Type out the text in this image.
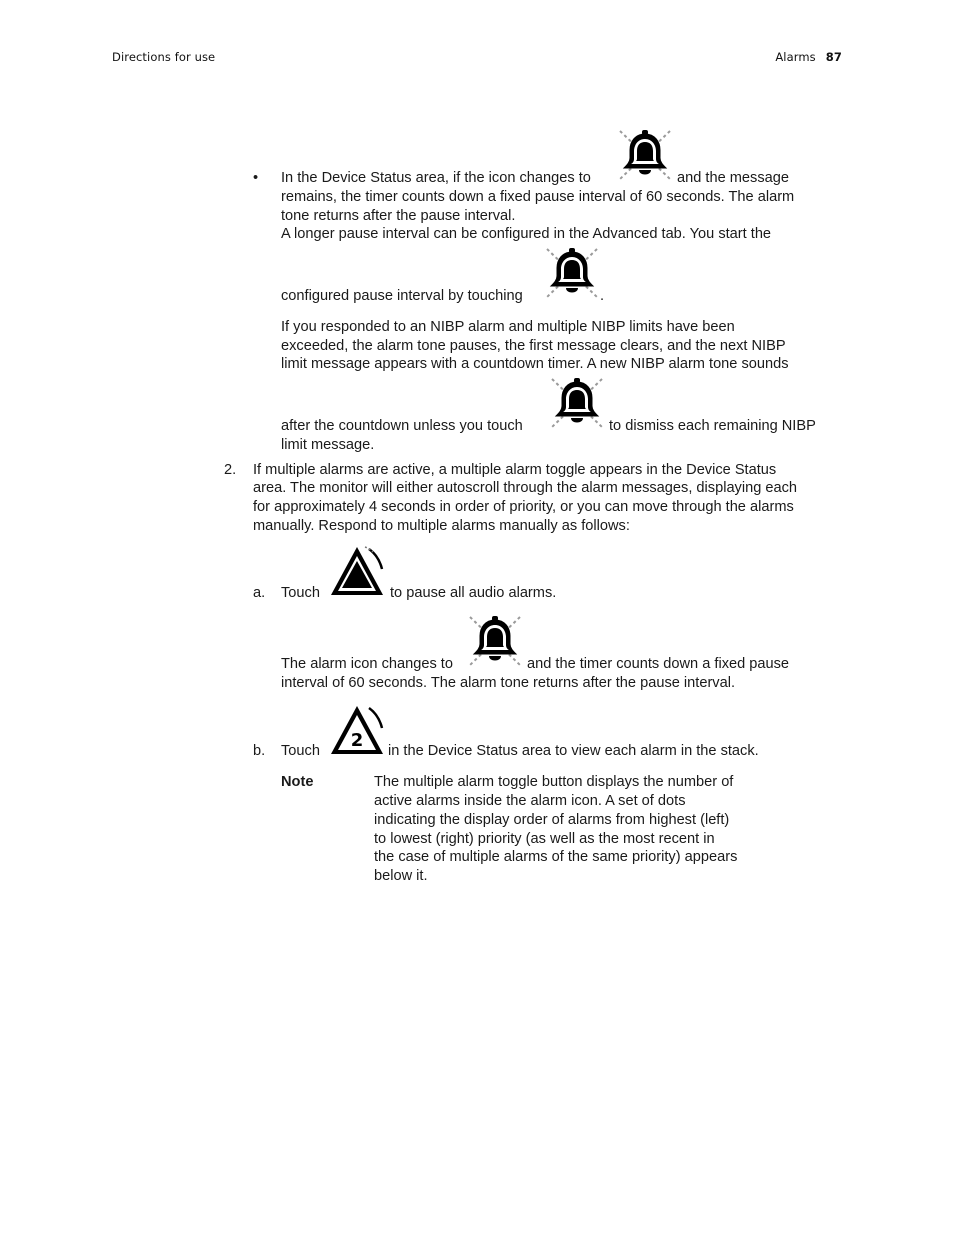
Directions for use	Alarms 87
• In the Device Status area, if the icon changes to	and the message
remains, the timer counts down a fixed pause interval of 60 seconds. The alarm
tone returns after the pause interval.
A longer pause interval can be configured in the Advanced tab. You start the
configured pause interval by touching	.
If you responded to an NIBP alarm and multiple NIBP limits have been
exceeded, the alarm tone pauses, the first message clears, and the next NIBP
limit message appears with a countdown timer. A new NIBP alarm tone sounds
after the countdown unless you touch	to dismiss each remaining NIBP
limit message.
2. If multiple alarms are active, a multiple alarm toggle appears in the Device Status
area. The monitor will either autoscroll through the alarm messages, displaying each
for approximately 4 seconds in order of priority, or you can move through the alarms
manually. Respond to multiple alarms manually as follows:
a. Touch	to pause all audio alarms.
The alarm icon changes to	and the timer counts down a fixed pause
interval of 60 seconds. The alarm tone returns after the pause interval.
b. Touch 2 in the Device Status area to view each alarm in the stack.
Note	The multiple alarm toggle button displays the number of
active alarms inside the alarm icon. A set of dots
indicating the display order of alarms from highest (left)
to lowest (right) priority (as well as the most recent in
the case of multiple alarms of the same priority) appears
below it.
